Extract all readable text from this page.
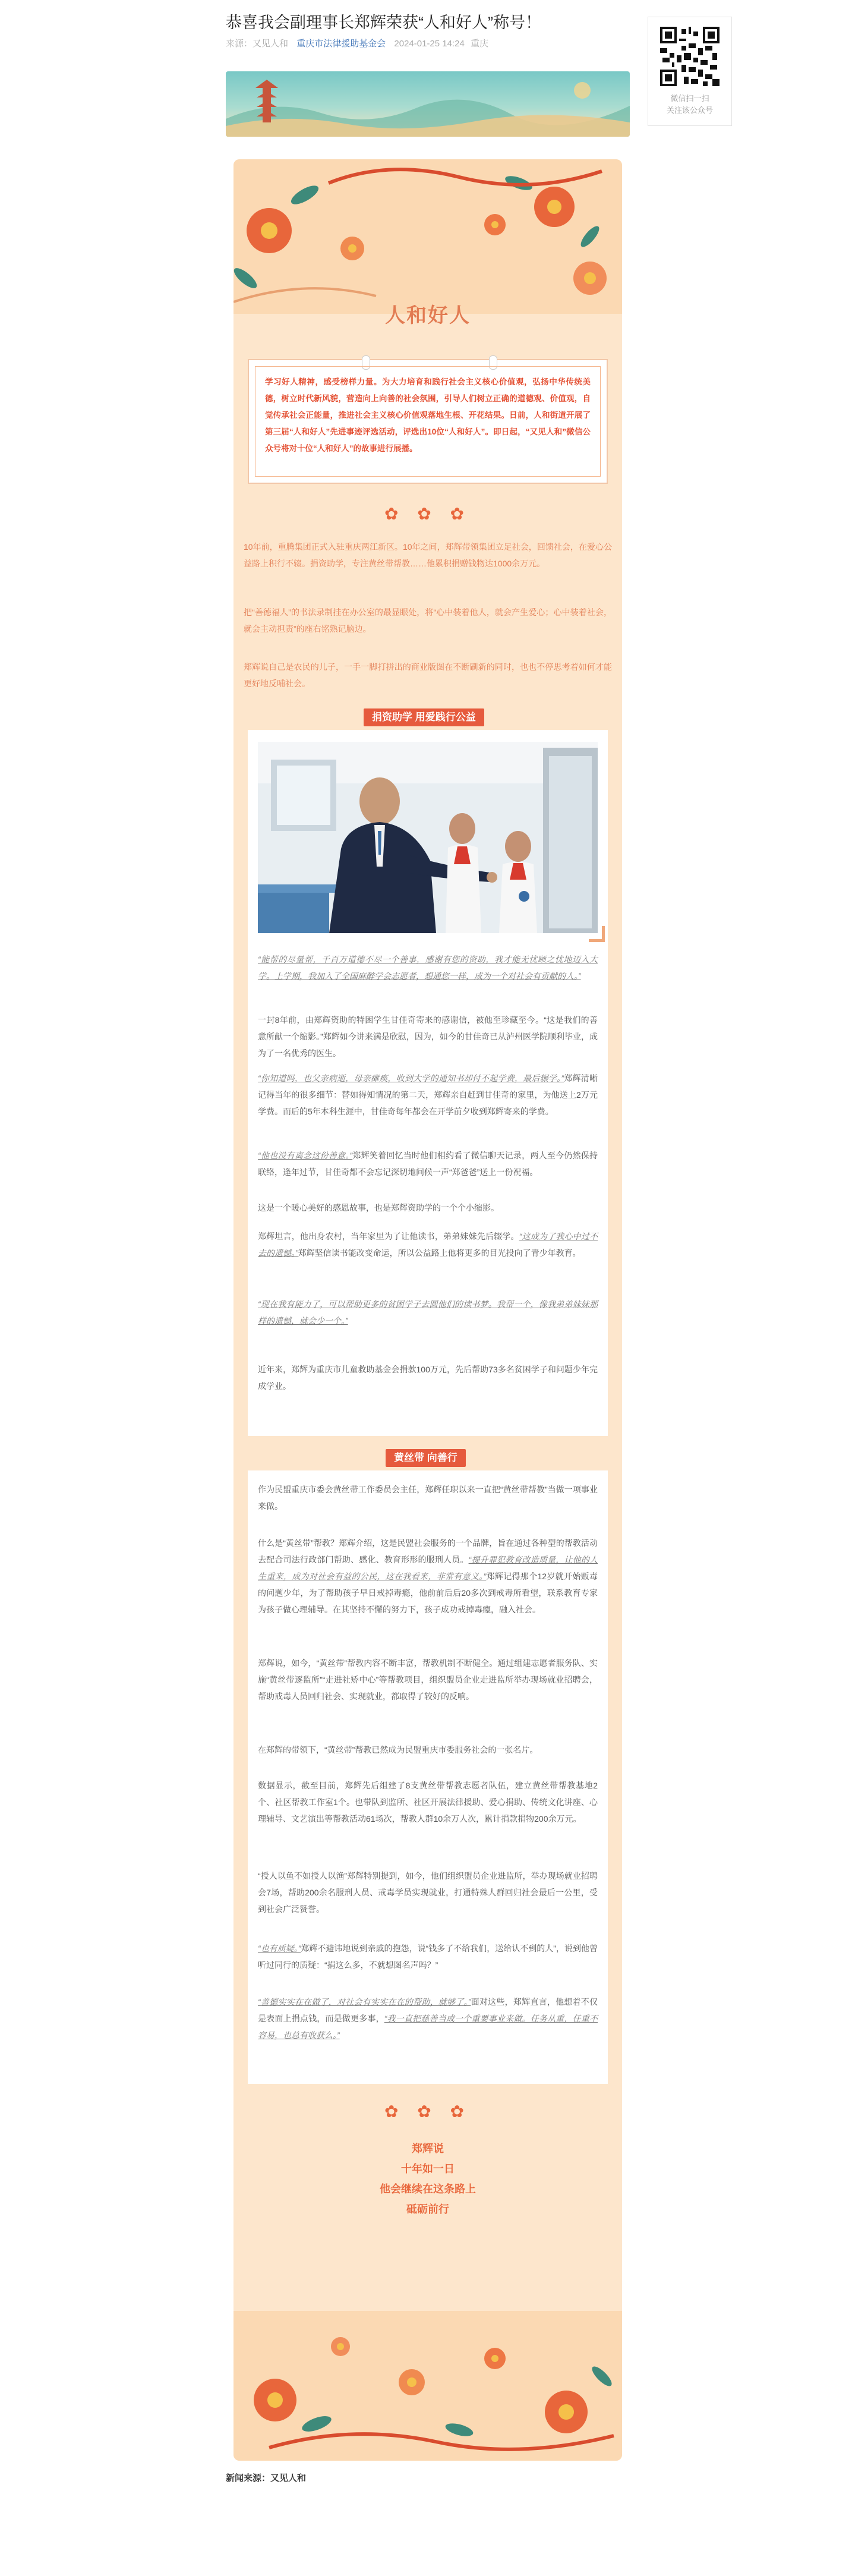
恭喜我会副理事长郑辉荣获“人和好人”称号！
来源：又见人和 重庆市法律援助基金会 2024-01-25 14:24 重庆
微信扫一扫
关注该公众号
人和好人

学习好人精神，感受榜样力量。为大力培育和践行社会主义核心价值观，弘扬中华传统美德，树立时代新风貌，营造向上向善的社会氛围，引导人们树立正确的道德观、价值观，自觉传承社会正能量，推进社会主义核心价值观落地生根、开花结果。日前，人和街道开展了第三届“人和好人”先进事迹评选活动，评选出10位“人和好人”。即日起，“又见人和”微信公众号将对十位“人和好人”的故事进行展播。

✿ ✿ ✿

10年前，重腾集团正式入驻重庆两江新区。10年之间，郑辉带领集团立足社会，回馈社会，在爱心公益路上积行不辍。捐资助学，专注黄丝带帮教……他累积捐赠钱物达1000余万元。

把“善德福人”的书法录制挂在办公室的最显眼处，将“心中装着他人，就会产生爱心；心中装着社会，就会主动担责”的座右铭熟记脑边。

郑辉说自己是农民的儿子，一手一脚打拼出的商业版图在不断刷新的同时，也也不停思考着如何才能更好地反哺社会。

捐资助学 用爱践行公益

“能帮的尽量帮，千百万道德不尽一个善事，感谢有您的资助，我才能无忧顾之忧地迈入大学。上学期，我加入了全国麻醉学会志愿者，想通您一样，成为一个对社会有贡献的人。”

一封8年前，由郑辉资助的特困学生甘佳奇寄来的感谢信，被他至珍藏至今。“这是我们的善意所献一个缩影。”郑辉如今讲来满是欣慰，因为，如今的甘佳奇已从泸州医学院顺利毕业，成为了一名优秀的医生。

“你知道吗，也父亲病逝，母亲瘫痪，收到大学的通知书却付不起学费，最后辗学。”郑辉清晰记得当年的很多细节：替如得知情况的第二天，郑辉亲自赶到甘佳奇的家里，为他送上2万元学费。而后的5年本科生涯中，甘佳奇每年都会在开学前夕收到郑辉寄来的学费。

“他也没有离念这份善意。”郑辉笑着回忆当时他们相约看了微信聊天记录，两人至今仍然保持联络，逢年过节，甘佳奇都不会忘记深切地问候一声“郑爸爸”送上一份祝福。

这是一个暖心美好的感恩故事，也是郑辉资助学的一个个小缩影。

郑辉坦言，他出身农村，当年家里为了让他读书，弟弟妹妹先后辍学。“这成为了我心中过不去的遗憾。”郑辉坚信读书能改变命运，所以公益路上他将更多的目光投向了青少年教育。

“现在我有能力了，可以帮助更多的贫困学子去圆他们的读书梦。我帮一个，像我弟弟妹妹那样的遗憾，就会少一个。”

近年来，郑辉为重庆市儿童救助基金会捐款100万元，先后帮助73多名贫困学子和问题少年完成学业。

黄丝带 向善行

作为民盟重庆市委会黄丝带工作委员会主任，郑辉任职以来一直把“黄丝带帮教”当做一项事业来做。

什么是“黄丝带”帮教？郑辉介绍，这是民盟社会服务的一个品牌，旨在通过各种型的帮教活动去配合司法行政部门帮助、感化、教育形形的服刑人员。“提升罪犯教育改造质量，让他的人生重来，成为对社会有益的公民，这在我看来，非常有意义。”郑辉记得那个12岁就开始贩毒的问题少年，为了帮助孩子早日戒掉毒瘾，他前前后后20多次到戒毒所看望，联系教育专家为孩子做心理辅导。在其坚持不懈的努力下，孩子成功戒掉毒瘾，融入社会。

郑辉说，如今，“黄丝带”帮教内容不断丰富，帮教机制不断健全。通过组建志愿者服务队、实施“黄丝带逐监所”“走进社矫中心”等帮教项目，组织盟员企业走进监所举办现场就业招聘会，帮助戒毒人员回归社会、实现就业，都取得了较好的反响。

在郑辉的带领下，“黄丝带”帮教已然成为民盟重庆市委服务社会的一张名片。

数据显示，截至目前，郑辉先后组建了8支黄丝带帮教志愿者队伍，建立黄丝带帮教基地2个、社区帮教工作室1个。也带队到监所、社区开展法律援助、爱心捐助、传统文化讲座、心理辅导、文艺演出等帮教活动61场次，帮教人群10余万人次，累计捐款捐物200余万元。

“授人以鱼不如授人以渔”郑辉特别提到，如今，他们组织盟员企业进监所，举办现场就业招聘会7场，帮助200余名服刑人员、戒毒学员实现就业，打通特殊人群回归社会最后一公里，受到社会广泛赞誉。

“也有质疑。”郑辉不避讳地说到亲戚的抱怨，说“钱多了不给我们，送给认不到的人”，说到他曾听过同行的质疑：“捐这么多，不就想图名声吗？”

“善德实实在在做了，对社会有实实在在的帮助，就够了。”面对这些，郑辉直言，他想着不仅是表面上捐点钱，而是做更多事，“我一直把慈善当成一个重要事业来做。任务从重，任重不容易，也总有收获么。”

✿ ✿ ✿

郑辉说

十年如一日

他会继续在这条路上

砥砺前行

新闻来源：又见人和
